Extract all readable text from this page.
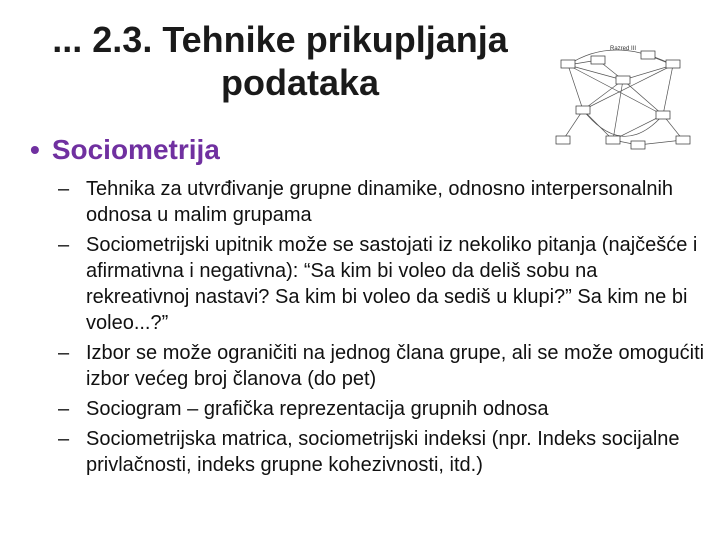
... 2.3. Tehnike prikupljanja
podataka
Razred III
• Sociometrija
– Tehnika za utvrđivanje grupne dinamike, odnosno interpersonalnih odnosa u malim grupama
– Sociometrijski upitnik može se sastojati iz nekoliko pitanja (najčešće i afirmativna i negativna): “Sa kim bi voleo da deliš sobu na rekreativnoj nastavi? Sa kim bi voleo da sediš u klupi?” Sa kim ne bi voleo...?”
– Izbor se može ograničiti na jednog člana grupe, ali se može omogućiti izbor većeg broj članova (do pet)
– Sociogram – grafička reprezentacija grupnih odnosa
– Sociometrijska matrica, sociometrijski indeksi (npr. Indeks socijalne privlačnosti, indeks grupne kohezivnosti, itd.)
